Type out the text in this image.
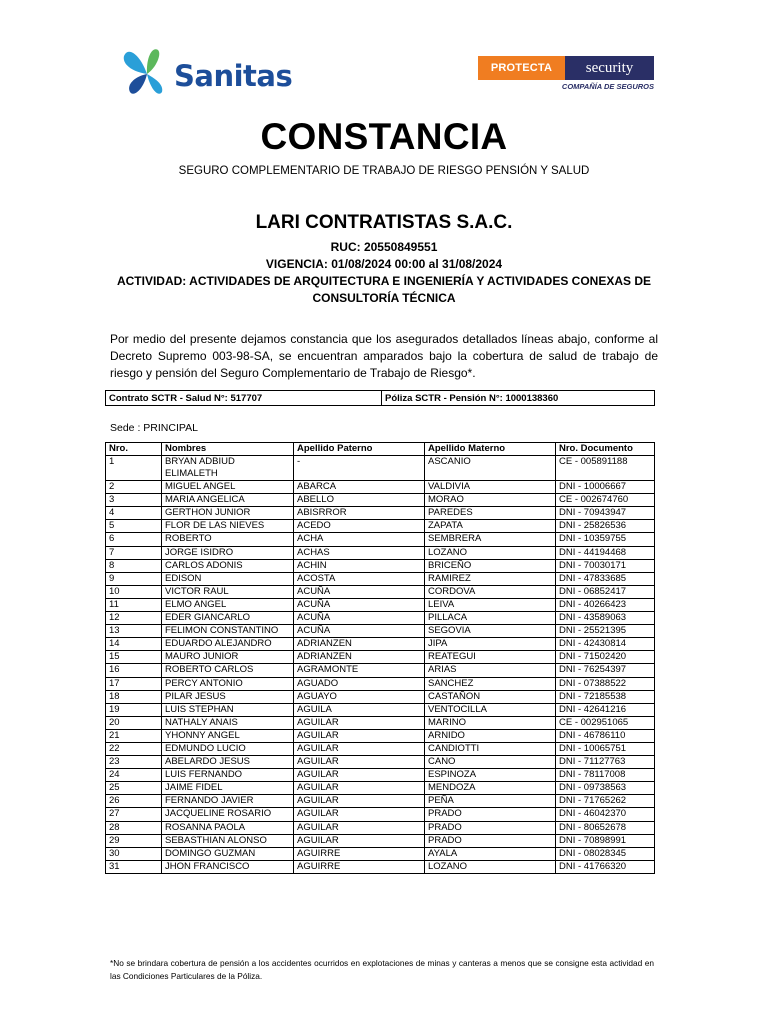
Sanitas	PROTECTA	security
COMPAÑÍA DE SEGUROS
CONSTANCIA
SEGURO COMPLEMENTARIO DE TRABAJO DE RIESGO PENSIÓN Y SALUD
LARI CONTRATISTAS S.A.C.
RUC: 20550849551
VIGENCIA: 01/08/2024 00:00 al 31/08/2024
ACTIVIDAD: ACTIVIDADES DE ARQUITECTURA E INGENIERÍA Y ACTIVIDADES CONEXAS DE CONSULTORÍA TÉCNICA
Por medio del presente dejamos constancia que los asegurados detallados líneas abajo, conforme al Decreto Supremo 003-98-SA, se encuentran amparados bajo la cobertura de salud de trabajo de riesgo y pensión del Seguro Complementario de Trabajo de Riesgo*.
Contrato SCTR - Salud N°: 517707	Póliza SCTR - Pensión N°: 1000138360
Sede : PRINCIPAL
Nro.	Nombres	Apellido Paterno	Apellido Materno	Nro. Documento
1	BRYAN ADBIUD ELIMALETH	-	ASCANIO	CE - 005891188
2	MIGUEL ANGEL	ABARCA	VALDIVIA	DNI - 10006667
3	MARIA ANGELICA	ABELLO	MORAO	CE - 002674760
4	GERTHON JUNIOR	ABISRROR	PAREDES	DNI - 70943947
5	FLOR DE LAS NIEVES	ACEDO	ZAPATA	DNI - 25826536
6	ROBERTO	ACHA	SEMBRERA	DNI - 10359755
7	JORGE ISIDRO	ACHAS	LOZANO	DNI - 44194468
8	CARLOS ADONIS	ACHIN	BRICEÑO	DNI - 70030171
9	EDISON	ACOSTA	RAMIREZ	DNI - 47833685
10	VICTOR RAUL	ACUÑA	CORDOVA	DNI - 06852417
11	ELMO ANGEL	ACUÑA	LEIVA	DNI - 40266423
12	EDER GIANCARLO	ACUÑA	PILLACA	DNI - 43589063
13	FELIMON CONSTANTINO	ACUÑA	SEGOVIA	DNI - 25521395
14	EDUARDO ALEJANDRO	ADRIANZEN	JIPA	DNI - 42430814
15	MAURO JUNIOR	ADRIANZEN	REATEGUI	DNI - 71502420
16	ROBERTO CARLOS	AGRAMONTE	ARIAS	DNI - 76254397
17	PERCY ANTONIO	AGUADO	SANCHEZ	DNI - 07388522
18	PILAR JESUS	AGUAYO	CASTAÑON	DNI - 72185538
19	LUIS STEPHAN	AGUILA	VENTOCILLA	DNI - 42641216
20	NATHALY ANAIS	AGUILAR	MARINO	CE - 002951065
21	YHONNY ANGEL	AGUILAR	ARNIDO	DNI - 46786110
22	EDMUNDO LUCIO	AGUILAR	CANDIOTTI	DNI - 10065751
23	ABELARDO JESUS	AGUILAR	CANO	DNI - 71127763
24	LUIS FERNANDO	AGUILAR	ESPINOZA	DNI - 78117008
25	JAIME FIDEL	AGUILAR	MENDOZA	DNI - 09738563
26	FERNANDO JAVIER	AGUILAR	PEÑA	DNI - 71765262
27	JACQUELINE ROSARIO	AGUILAR	PRADO	DNI - 46042370
28	ROSANNA PAOLA	AGUILAR	PRADO	DNI - 80652678
29	SEBASTHIAN ALONSO	AGUILAR	PRADO	DNI - 70898991
30	DOMINGO GUZMAN	AGUIRRE	AYALA	DNI - 08028345
31	JHON FRANCISCO	AGUIRRE	LOZANO	DNI - 41766320
*No se brindara cobertura de pensión a los accidentes ocurridos en explotaciones de minas y canteras a menos que se consigne esta actividad en las Condiciones Particulares de la Póliza.
